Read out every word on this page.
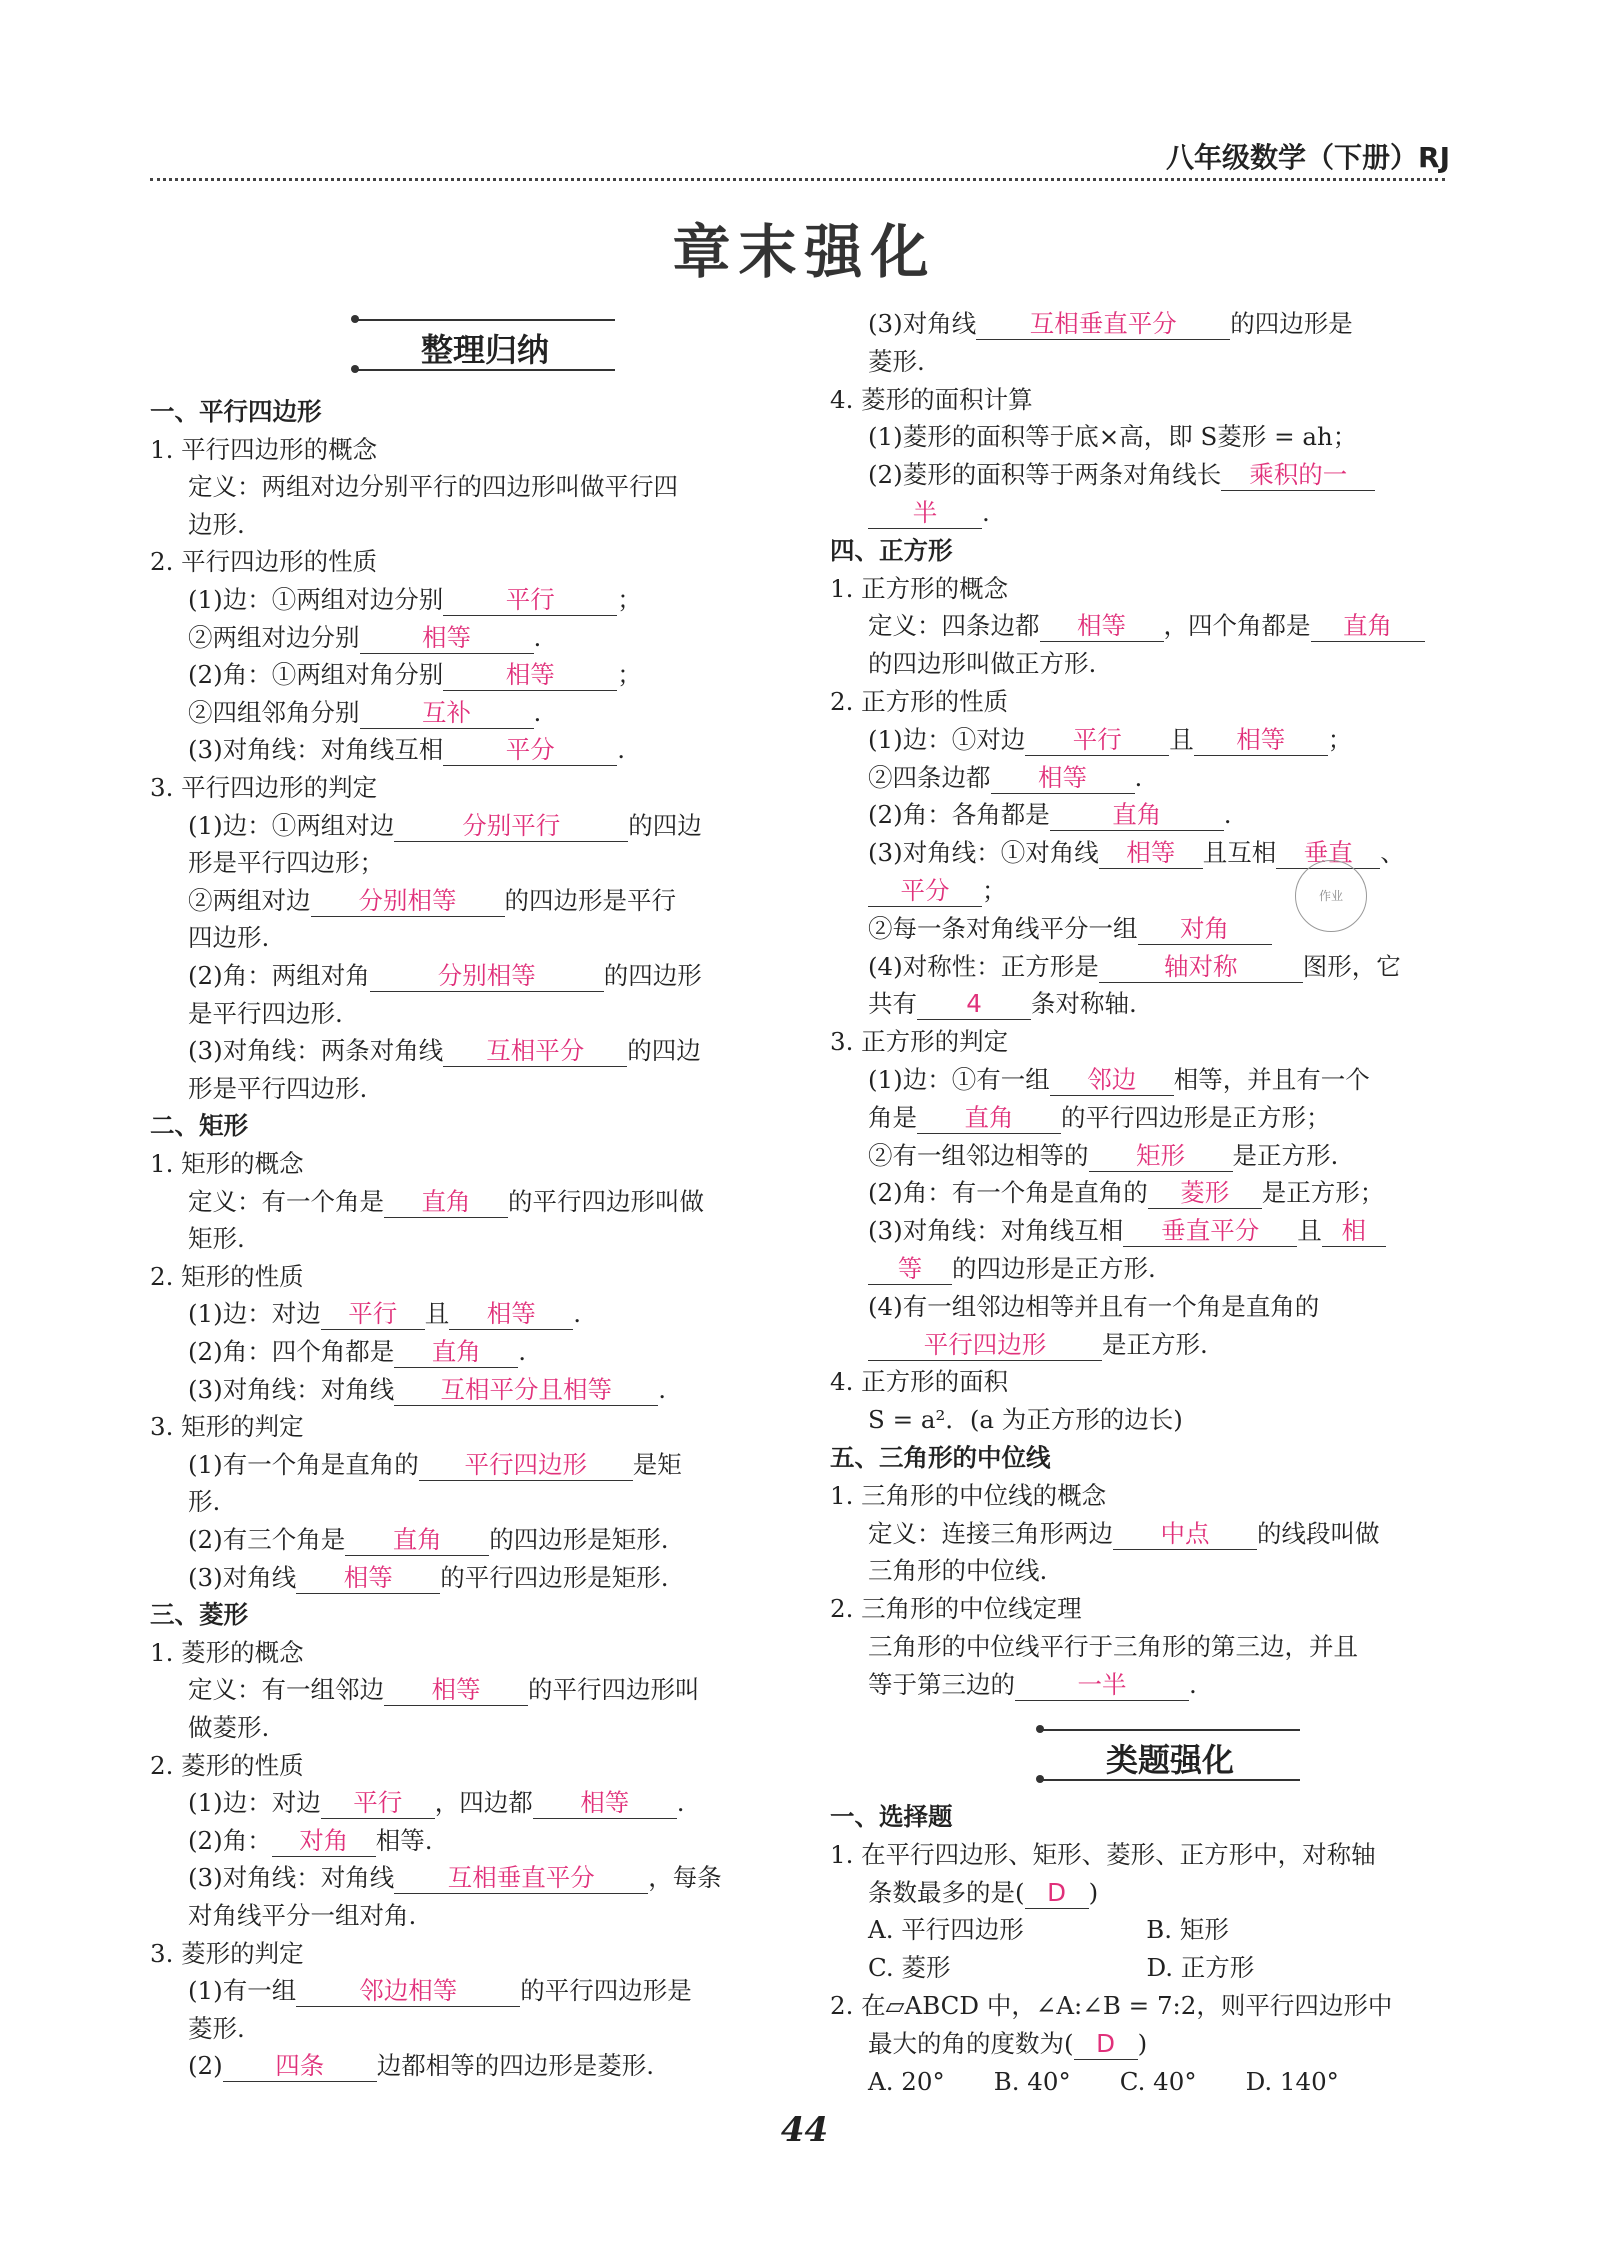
八年级数学（下册）RJ
章末强化
整理归纳
一、平行四边形
1. 平行四边形的概念
定义：两组对边分别平行的四边形叫做平行四
边形.
2. 平行四边形的性质
(1)边：①两组对边分别	平行	；
②两组对边分别	相等	.
(2)角：①两组对角分别	相等	；
②四组邻角分别	互补	.
(3)对角线：对角线互相	平分	.
3. 平行四边形的判定
(1)边：①两组对边	分别平行	的四边
形是平行四边形；
②两组对边 分别相等 的四边形是平行
四边形.
(2)角：两组对角	分别相等	的四边形
是平行四边形.
(3)对角线：两条对角线 互相平分 的四边
形是平行四边形.
二、矩形
1. 矩形的概念
定义：有一个角是 直角 的平行四边形叫做
矩形.
2. 矩形的性质
(1)边：对边 平行 且 相等 .
(2)角：四个角都是 直角 .
(3)对角线：对角线 互相平分且相等 .
3. 矩形的判定
(1)有一个角是直角的 平行四边形 是矩
形.
(2)有三个角是 直角 的四边形是矩形.
(3)对角线 相等 的平行四边形是矩形.
三、菱形
1. 菱形的概念
定义：有一组邻边 相等 的平行四边形叫
做菱形.
2. 菱形的性质
(1)边：对边 平行 ，四边都 相等 .
(2)角： 对角 相等.
(3)对角线：对角线 互相垂直平分 ，每条
对角线平分一组对角.
3. 菱形的判定
(1)有一组	邻边相等	的平行四边形是
菱形.
(2) 四条 边都相等的四边形是菱形.
(3)对角线 互相垂直平分 的四边形是
菱形.
4. 菱形的面积计算
(1)菱形的面积等于底×高，即 S菱形 = ah；
(2)菱形的面积等于两条对角线长 乘积的一
半 .
四、正方形
1. 正方形的概念
定义：四条边都 相等 ，四个角都是 直角
的四边形叫做正方形.
2. 正方形的性质
(1)边：①对边 平行 且 相等 ；
②四条边都 相等 .
(2)角：各角都是	直角	.
(3)对角线：①对角线 相等 且互相 垂直 、
平分 ；
②每一条对角线平分一组 对角
(4)对称性：正方形是	轴对称	图形，它
共有 4 条对称轴.
3. 正方形的判定
(1)边：①有一组 邻边 相等，并且有一个
角是 直角 的平行四边形是正方形；
②有一组邻边相等的 矩形 是正方形.
(2)角：有一个角是直角的 菱形 是正方形；
(3)对角线：对角线互相 垂直平分 且 相
等 的四边形是正方形.
(4)有一组邻边相等并且有一个角是直角的
平行四边形 是正方形.
4. 正方形的面积
S = a²．(a 为正方形的边长)
五、三角形的中位线
1. 三角形的中位线的概念
定义：连接三角形两边 中点 的线段叫做
三角形的中位线.
2. 三角形的中位线定理
三角形的中位线平行于三角形的第三边，并且
等于第三边的	一半	.
类题强化
一、选择题
1. 在平行四边形、矩形、菱形、正方形中，对称轴
条数最多的是( D )
A. 平行四边形　　　　　B. 矩形
C. 菱形　　　　　　　　D. 正方形
2. 在▱ABCD 中，∠A:∠B = 7:2，则平行四边形中
最大的角的度数为( D )
A. 20°　　B. 40°　　C. 40°　　D. 140°
作业
44
